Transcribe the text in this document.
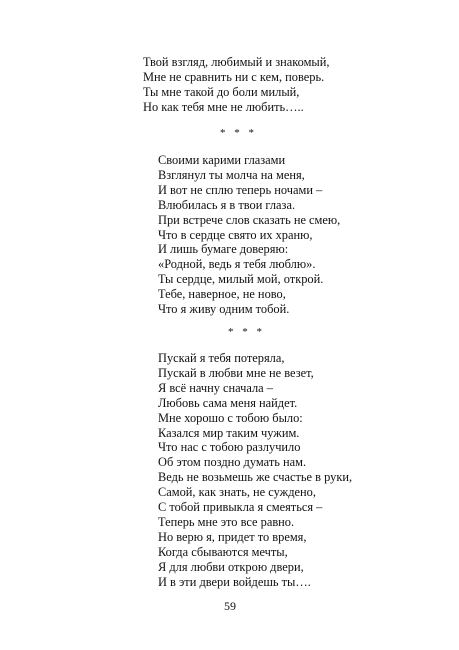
Твой взгляд, любимый и знакомый,
Мне не сравнить ни с кем, поверь.
Ты мне такой до боли милый,
Но как тебя мне не любить…..
* * *
Своими карими глазами
Взглянул ты молча на меня,
И вот не сплю теперь ночами –
Влюбилась я в твои глаза.
При встрече слов сказать не смею,
Что в сердце свято их храню,
И лишь бумаге доверяю:
«Родной, ведь я тебя люблю».
Ты сердце, милый мой, открой.
Тебе, наверное, не ново,
Что я живу одним тобой.
* * *
Пускай я тебя потеряла,
Пускай в любви мне не везет,
Я всё начну сначала –
Любовь сама меня найдет.
Мне хорошо с тобою было:
Казался мир таким чужим.
Что нас с тобою разлучило
Об этом поздно думать нам.
Ведь не возьмешь же счастье в руки,
Самой, как знать, не суждено,
С тобой привыкла я смеяться –
Теперь мне это все равно.
Но верю я, придет то время,
Когда сбываются мечты,
Я для любви открою двери,
И в эти двери войдешь ты….
59
